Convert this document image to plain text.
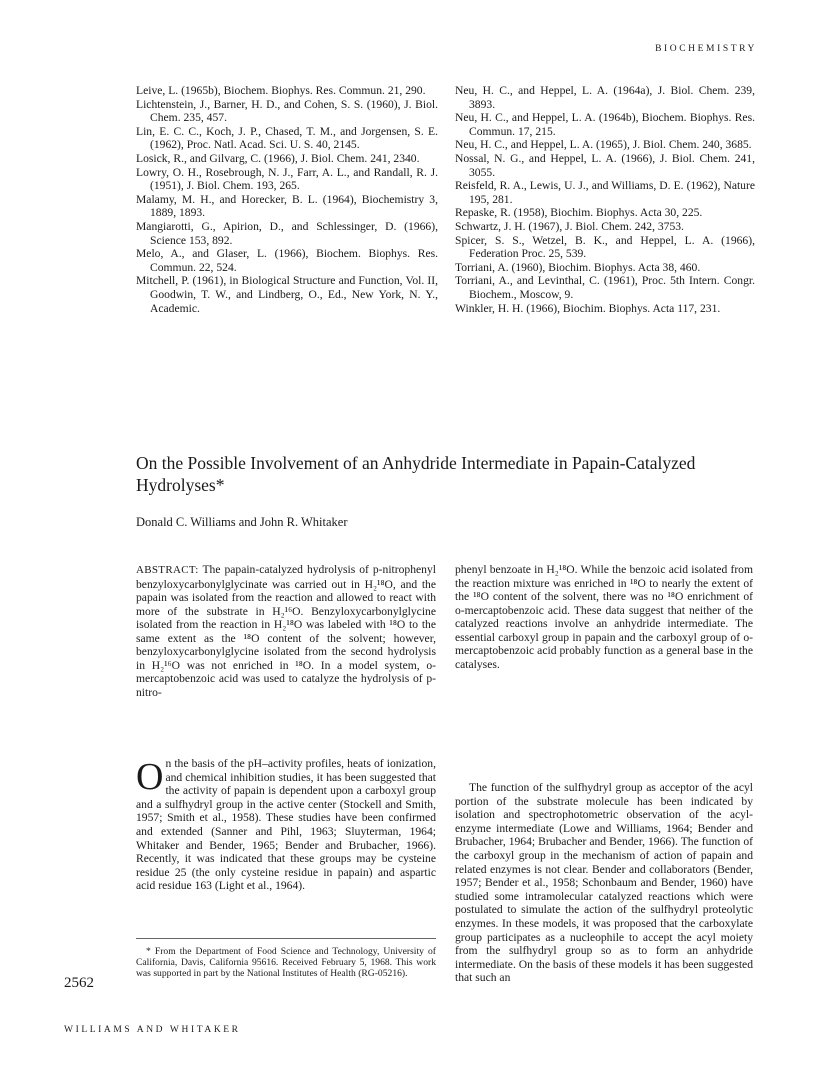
BIOCHEMISTRY

Leive, L. (1965b), Biochem. Biophys. Res. Commun. 21, 290.

Lichtenstein, J., Barner, H. D., and Cohen, S. S. (1960), J. Biol. Chem. 235, 457.

Lin, E. C. C., Koch, J. P., Chased, T. M., and Jorgensen, S. E. (1962), Proc. Natl. Acad. Sci. U. S. 40, 2145.

Losick, R., and Gilvarg, C. (1966), J. Biol. Chem. 241, 2340.

Lowry, O. H., Rosebrough, N. J., Farr, A. L., and Randall, R. J. (1951), J. Biol. Chem. 193, 265.

Malamy, M. H., and Horecker, B. L. (1964), Biochemistry 3, 1889, 1893.

Mangiarotti, G., Apirion, D., and Schlessinger, D. (1966), Science 153, 892.

Melo, A., and Glaser, L. (1966), Biochem. Biophys. Res. Commun. 22, 524.

Mitchell, P. (1961), in Biological Structure and Function, Vol. II, Goodwin, T. W., and Lindberg, O., Ed., New York, N. Y., Academic.

Neu, H. C., and Heppel, L. A. (1964a), J. Biol. Chem. 239, 3893.

Neu, H. C., and Heppel, L. A. (1964b), Biochem. Biophys. Res. Commun. 17, 215.

Neu, H. C., and Heppel, L. A. (1965), J. Biol. Chem. 240, 3685.

Nossal, N. G., and Heppel, L. A. (1966), J. Biol. Chem. 241, 3055.

Reisfeld, R. A., Lewis, U. J., and Williams, D. E. (1962), Nature 195, 281.

Repaske, R. (1958), Biochim. Biophys. Acta 30, 225.

Schwartz, J. H. (1967), J. Biol. Chem. 242, 3753.

Spicer, S. S., Wetzel, B. K., and Heppel, L. A. (1966), Federation Proc. 25, 539.

Torriani, A. (1960), Biochim. Biophys. Acta 38, 460.

Torriani, A., and Levinthal, C. (1961), Proc. 5th Intern. Congr. Biochem., Moscow, 9.

Winkler, H. H. (1966), Biochim. Biophys. Acta 117, 231.

On the Possible Involvement of an Anhydride Intermediate in Papain-Catalyzed Hydrolyses*
Donald C. Williams and John R. Whitaker
ABSTRACT: The papain-catalyzed hydrolysis of p-nitrophenyl benzyloxycarbonylglycinate was carried out in H₂¹⁸O, and the papain was isolated from the reaction and allowed to react with more of the substrate in H₂¹⁶O. Benzyloxycarbonylglycine isolated from the reaction in H₂¹⁸O was labeled with ¹⁸O to the same extent as the ¹⁸O content of the solvent; however, benzyloxycarbonylglycine isolated from the second hydrolysis in H₂¹⁶O was not enriched in ¹⁸O. In a model system, o-mercaptobenzoic acid was used to catalyze the hydrolysis of p-nitro-
phenyl benzoate in H₂¹⁸O. While the benzoic acid isolated from the reaction mixture was enriched in ¹⁸O to nearly the extent of the ¹⁸O content of the solvent, there was no ¹⁸O enrichment of o-mercaptobenzoic acid. These data suggest that neither of the catalyzed reactions involve an anhydride intermediate. The essential carboxyl group in papain and the carboxyl group of o-mercaptobenzoic acid probably function as a general base in the catalyses.
O n the basis of the pH–activity profiles, heats of ionization, and chemical inhibition studies, it has been suggested that the activity of papain is dependent upon a carboxyl group and a sulfhydryl group in the active center (Stockell and Smith, 1957; Smith et al., 1958). These studies have been confirmed and extended (Sanner and Pihl, 1963; Sluyterman, 1964; Whitaker and Bender, 1965; Bender and Brubacher, 1966). Recently, it was indicated that these groups may be cysteine residue 25 (the only cysteine residue in papain) and aspartic acid residue 163 (Light et al., 1964).
The function of the sulfhydryl group as acceptor of the acyl portion of the substrate molecule has been indicated by isolation and spectrophotometric observation of the acyl-enzyme intermediate (Lowe and Williams, 1964; Bender and Brubacher, 1964; Brubacher and Bender, 1966). The function of the carboxyl group in the mechanism of action of papain and related enzymes is not clear. Bender and collaborators (Bender, 1957; Bender et al., 1958; Schonbaum and Bender, 1960) have studied some intramolecular catalyzed reactions which were postulated to simulate the action of the sulfhydryl proteolytic enzymes. In these models, it was proposed that the carboxylate group participates as a nucleophile to accept the acyl moiety from the sulfhydryl group so as to form an anhydride intermediate. On the basis of these models it has been suggested that such an
* From the Department of Food Science and Technology, University of California, Davis, California 95616. Received February 5, 1968. This work was supported in part by the National Institutes of Health (RG-05216).
2562
WILLIAMS AND WHITAKER
